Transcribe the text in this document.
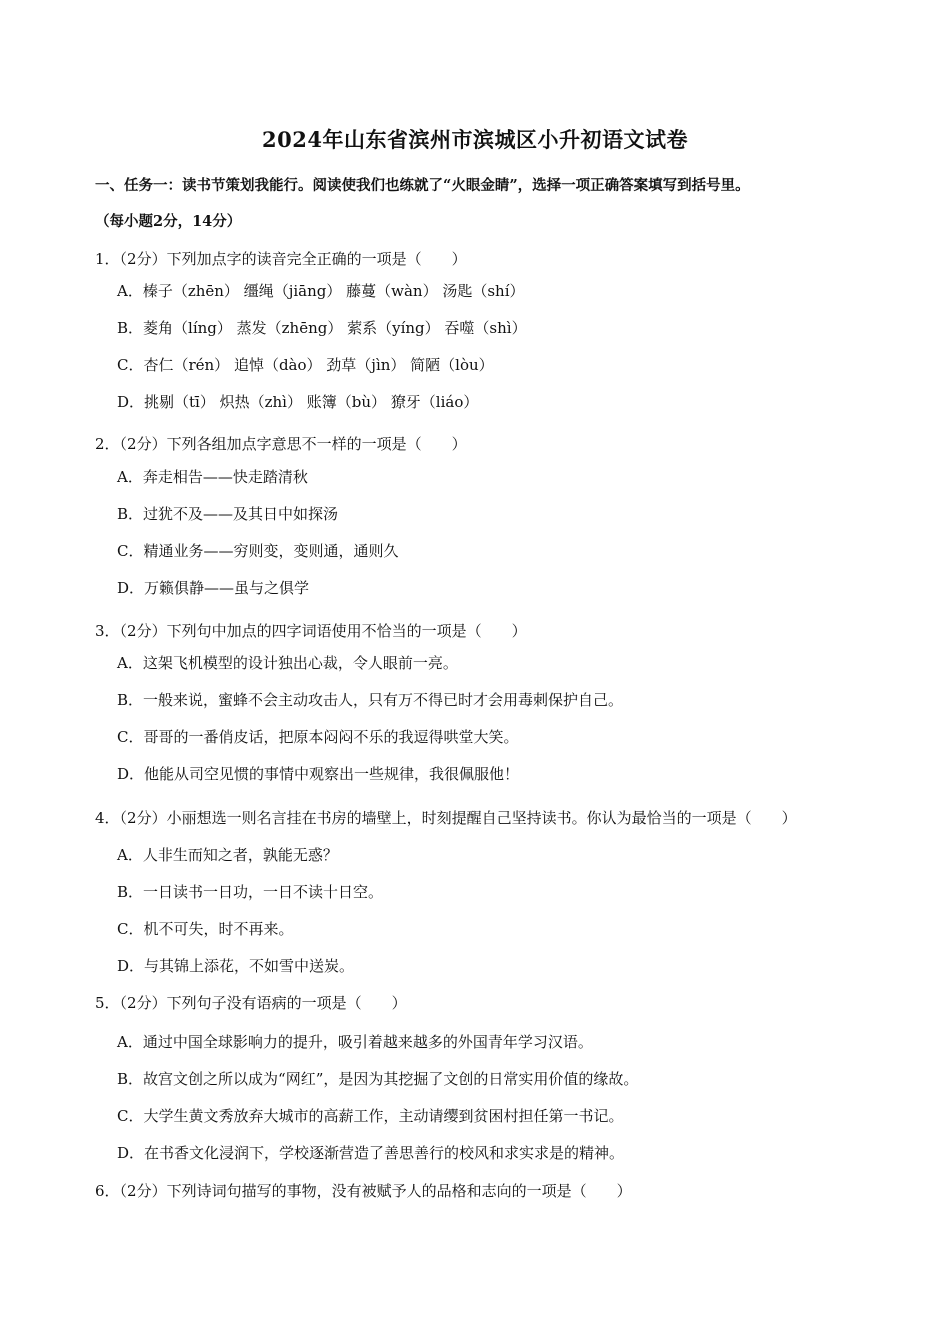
2024年山东省滨州市滨城区小升初语文试卷
一、任务一：读书节策划我能行。阅读使我们也练就了“火眼金睛”，选择一项正确答案填写到括号里。
（每小题2分，14分）
1．（2分）下列加点字的读音完全正确的一项是（　　）
A．榛子（zhēn） 缰绳（jiāng） 藤蔓（wàn） 汤匙（shí）
B．菱角（líng） 蒸发（zhēng） 萦系（yíng） 吞噬（shì）
C．杏仁（rén） 追悼（dào） 劲草（jìn） 简陋（lòu）
D．挑剔（tī） 炽热（zhì） 账簿（bù） 獠牙（liáo）
2．（2分）下列各组加点字意思不一样的一项是（　　）
A．奔走相告——快走踏清秋
B．过犹不及——及其日中如探汤
C．精通业务——穷则变，变则通，通则久
D．万籁俱静——虽与之俱学
3．（2分）下列句中加点的四字词语使用不恰当的一项是（　　）
A．这架飞机模型的设计独出心裁，令人眼前一亮。
B．一般来说，蜜蜂不会主动攻击人，只有万不得已时才会用毒刺保护自己。
C．哥哥的一番俏皮话，把原本闷闷不乐的我逗得哄堂大笑。
D．他能从司空见惯的事情中观察出一些规律，我很佩服他！
4．（2分）小丽想选一则名言挂在书房的墙壁上，时刻提醒自己坚持读书。你认为最恰当的一项是（　　）
A．人非生而知之者，孰能无惑？
B．一日读书一日功，一日不读十日空。
C．机不可失，时不再来。
D．与其锦上添花，不如雪中送炭。
5．（2分）下列句子没有语病的一项是（　　）
A．通过中国全球影响力的提升，吸引着越来越多的外国青年学习汉语。
B．故宫文创之所以成为“网红”，是因为其挖掘了文创的日常实用价值的缘故。
C．大学生黄文秀放弃大城市的高薪工作，主动请缨到贫困村担任第一书记。
D．在书香文化浸润下，学校逐渐营造了善思善行的校风和求实求是的精神。
6．（2分）下列诗词句描写的事物，没有被赋予人的品格和志向的一项是（　　）
